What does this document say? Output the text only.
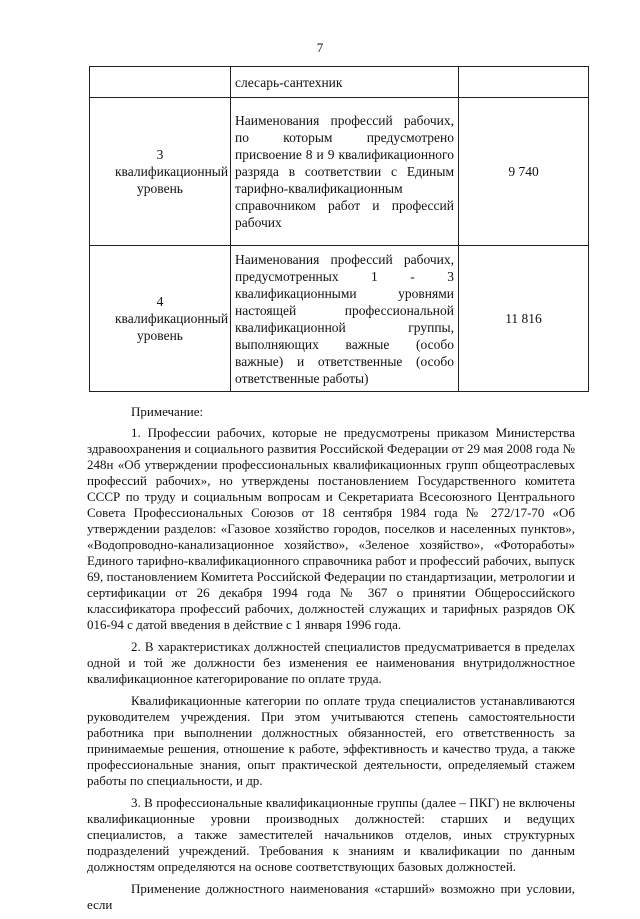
7

	слесарь-сантехник	

3 квалификационный уровень	Наименования профессий рабочих, по которым предусмотрено присвоение 8 и 9 квалификационного разряда в соответствии с Единым тарифно-квалификационным справочником работ и профессий рабочих	9 740

4 квалификационный уровень	Наименования профессий рабочих, предусмотренных 1 - 3 квалификационными уровнями настоящей профессиональной квалификационной группы, выполняющих важные (особо важные) и ответственные (особо ответственные работы)	11 816

Примечание:

1. Профессии рабочих, которые не предусмотрены приказом Министерства здравоохранения и социального развития Российской Федерации от 29 мая 2008 года № 248н «Об утверждении профессиональных квалификационных групп общеотраслевых профессий рабочих», но утверждены постановлением Государственного комитета СССР по труду и социальным вопросам и Секретариата Всесоюзного Центрального Совета Профессиональных Союзов от 18 сентября 1984 года № 272/17-70 «Об утверждении разделов: «Газовое хозяйство городов, поселков и населенных пунктов», «Водопроводно-канализационное хозяйство», «Зеленое хозяйство», «Фотоработы» Единого тарифно-квалификационного справочника работ и профессий рабочих, выпуск 69, постановлением Комитета Российской Федерации по стандартизации, метрологии и сертификации от 26 декабря 1994 года № 367 о принятии Общероссийского классификатора профессий рабочих, должностей служащих и тарифных разрядов ОК 016-94 с датой введения в действие с 1 января 1996 года.

2. В характеристиках должностей специалистов предусматривается в пределах одной и той же должности без изменения ее наименования внутридолжностное квалификационное категорирование по оплате труда.

Квалификационные категории по оплате труда специалистов устанавливаются руководителем учреждения. При этом учитываются степень самостоятельности работника при выполнении должностных обязанностей, его ответственность за принимаемые решения, отношение к работе, эффективность и качество труда, а также профессиональные знания, опыт практической деятельности, определяемый стажем работы по специальности, и др.

3. В профессиональные квалификационные группы (далее – ПКГ) не включены квалификационные уровни производных должностей: старших и ведущих специалистов, а также заместителей начальников отделов, иных структурных подразделений учреждений. Требования к знаниям и квалификации по данным должностям определяются на основе соответствующих базовых должностей.

Применение должностного наименования «старший» возможно при условии, если
